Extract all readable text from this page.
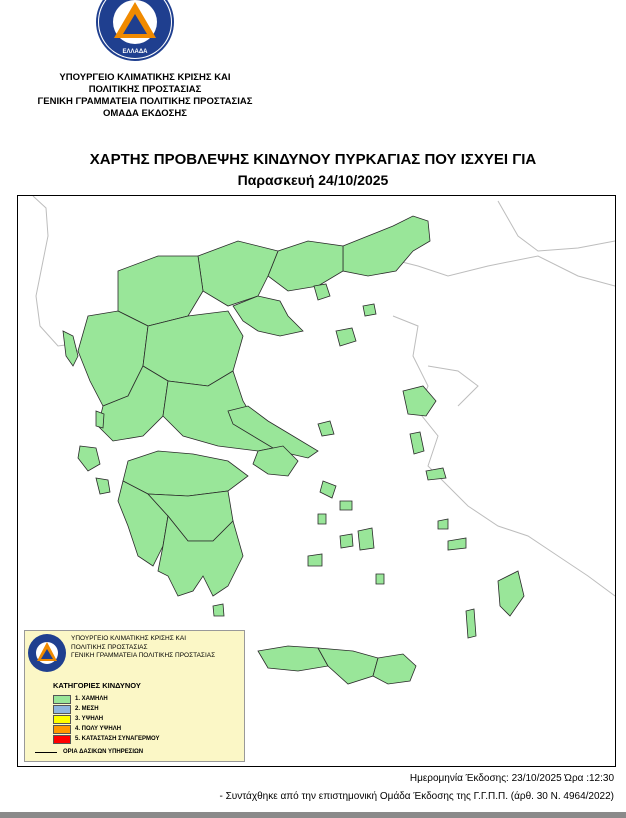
ΕΛΛΑΔΑ
ΥΠΟΥΡΓΕΙΟ ΚΛΙΜΑΤΙΚΗΣ ΚΡΙΣΗΣ ΚΑΙ
ΠΟΛΙΤΙΚΗΣ ΠΡΟΣΤΑΣΙΑΣ
ΓΕΝΙΚΗ ΓΡΑΜΜΑΤΕΙΑ ΠΟΛΙΤΙΚΗΣ ΠΡΟΣΤΑΣΙΑΣ
ΟΜΑΔΑ ΕΚΔΟΣΗΣ
ΧΑΡΤΗΣ ΠΡΟΒΛΕΨΗΣ ΚΙΝΔΥΝΟΥ ΠΥΡΚΑΓΙΑΣ ΠΟΥ ΙΣΧΥΕΙ ΓΙΑ
Παρασκευή 24/10/2025
ΥΠΟΥΡΓΕΙΟ ΚΛΙΜΑΤΙΚΗΣ ΚΡΙΣΗΣ ΚΑΙ
ΠΟΛΙΤΙΚΗΣ ΠΡΟΣΤΑΣΙΑΣ
ΓΕΝΙΚΗ ΓΡΑΜΜΑΤΕΙΑ ΠΟΛΙΤΙΚΗΣ ΠΡΟΣΤΑΣΙΑΣ
ΚΑΤΗΓΟΡΙΕΣ ΚΙΝΔΥΝΟΥ
1. ΧΑΜΗΛΗ
2. ΜΕΣΗ
3. ΥΨΗΛΗ
4. ΠΟΛΥ ΥΨΗΛΗ
5. ΚΑΤΑΣΤΑΣΗ ΣΥΝΑΓΕΡΜΟΥ
ΟΡΙΑ ΔΑΣΙΚΩΝ ΥΠΗΡΕΣΙΩΝ
Ημερομηνία Έκδοσης: 23/10/2025 Ώρα :12:30
- Συντάχθηκε από την επιστημονική Ομάδα Έκδοσης της Γ.Γ.Π.Π. (άρθ. 30 Ν. 4964/2022)
